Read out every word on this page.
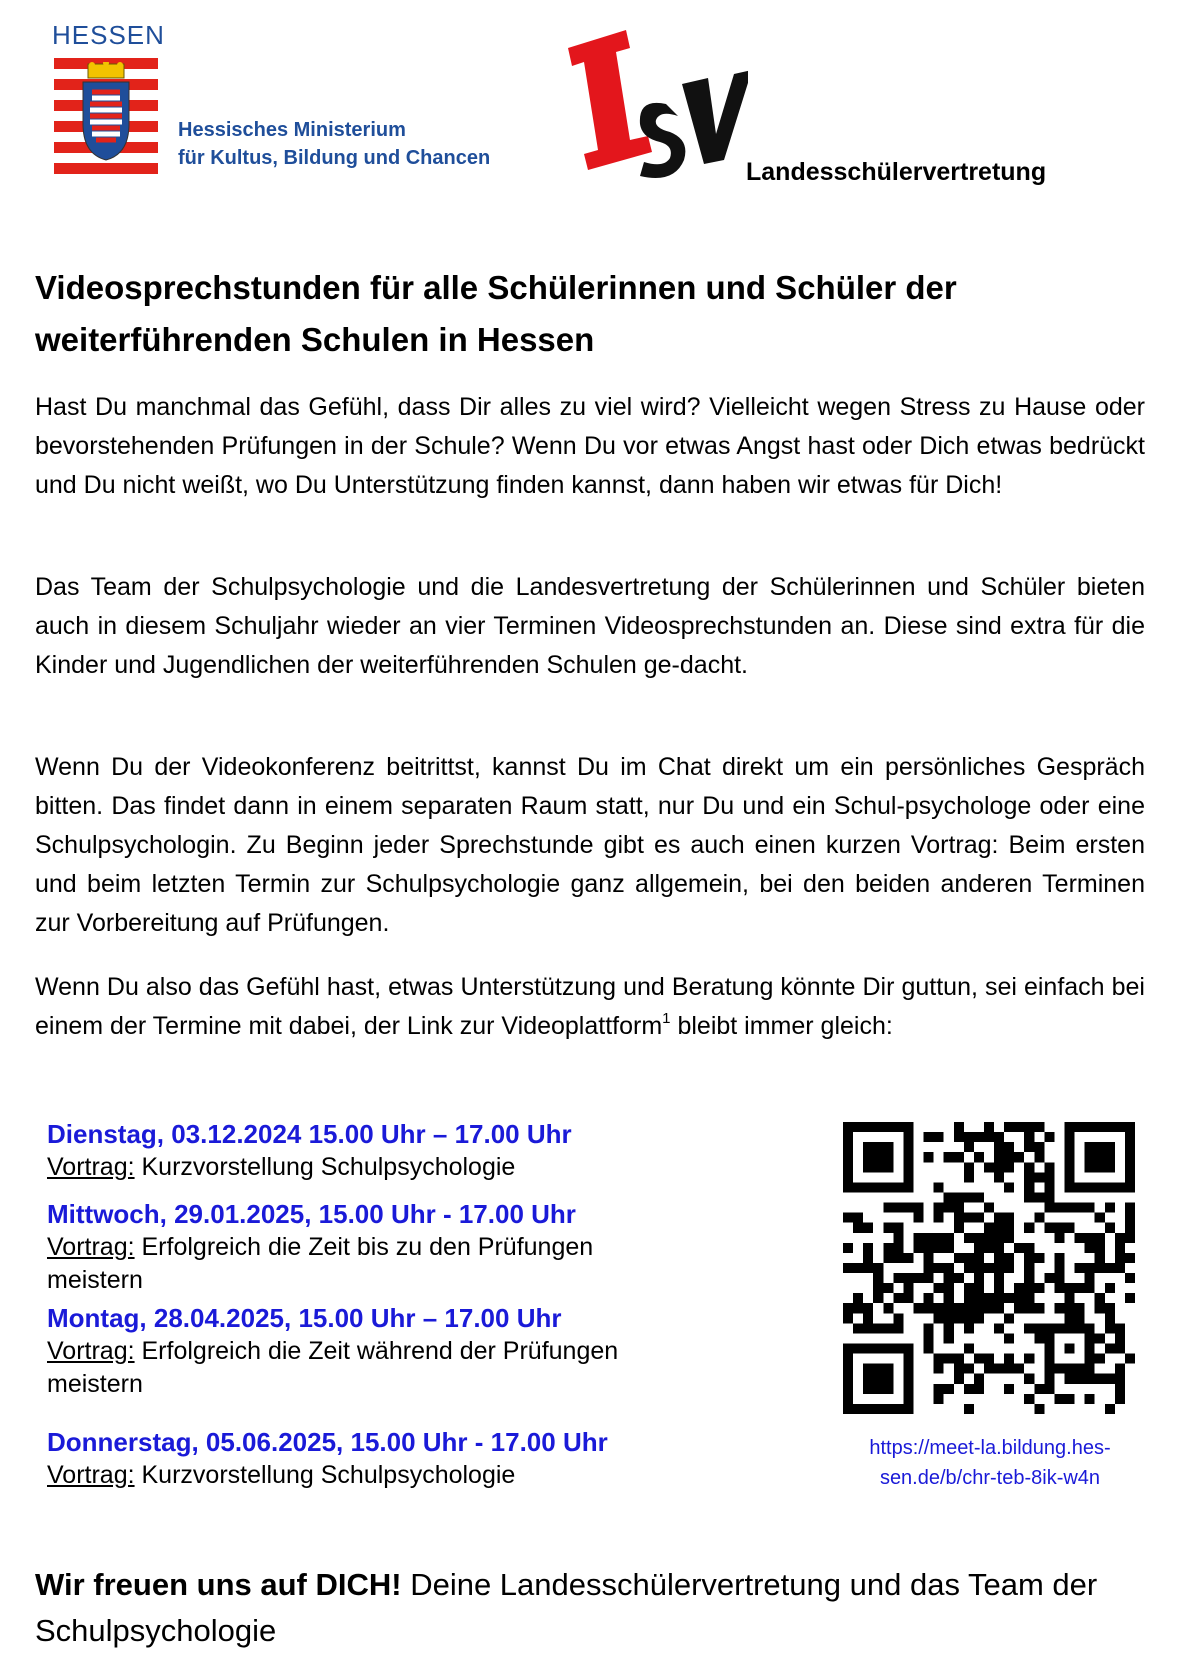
HESSEN
Hessisches Ministerium
für Kultus, Bildung und Chancen	Landesschülervertretung
Videosprechstunden für alle Schülerinnen und Schüler der weiterführenden Schulen in Hessen
Hast Du manchmal das Gefühl, dass Dir alles zu viel wird? Vielleicht wegen Stress zu Hause oder bevorstehenden Prüfungen in der Schule? Wenn Du vor etwas Angst hast oder Dich etwas bedrückt und Du nicht weißt, wo Du Unterstützung finden kannst, dann haben wir etwas für Dich!
Das Team der Schulpsychologie und die Landesvertretung der Schülerinnen und Schüler bieten auch in diesem Schuljahr wieder an vier Terminen Videosprechstunden an. Diese sind extra für die Kinder und Jugendlichen der weiterführenden Schulen ge-dacht.
Wenn Du der Videokonferenz beitrittst, kannst Du im Chat direkt um ein persönliches Gespräch bitten. Das findet dann in einem separaten Raum statt, nur Du und ein Schul-psychologe oder eine Schulpsychologin. Zu Beginn jeder Sprechstunde gibt es auch einen kurzen Vortrag: Beim ersten und beim letzten Termin zur Schulpsychologie ganz allgemein, bei den beiden anderen Terminen zur Vorbereitung auf Prüfungen.
Wenn Du also das Gefühl hast, etwas Unterstützung und Beratung könnte Dir guttun, sei einfach bei einem der Termine mit dabei, der Link zur Videoplattform$^1$ bleibt immer gleich:
Dienstag, 03.12.2024 15.00 Uhr – 17.00 Uhr
Vortrag: Kurzvorstellung Schulpsychologie
Mittwoch, 29.01.2025, 15.00 Uhr - 17.00 Uhr
Vortrag: Erfolgreich die Zeit bis zu den Prüfungen meistern
Montag, 28.04.2025, 15.00 Uhr – 17.00 Uhr
Vortrag: Erfolgreich die Zeit während der Prüfungen meistern
Donnerstag, 05.06.2025, 15.00 Uhr - 17.00 Uhr
Vortrag: Kurzvorstellung Schulpsychologie
https://meet-la.bildung.hes-
sen.de/b/chr-teb-8ik-w4n
Wir freuen uns auf DICH! Deine Landesschülervertretung und das Team der Schulpsychologie
